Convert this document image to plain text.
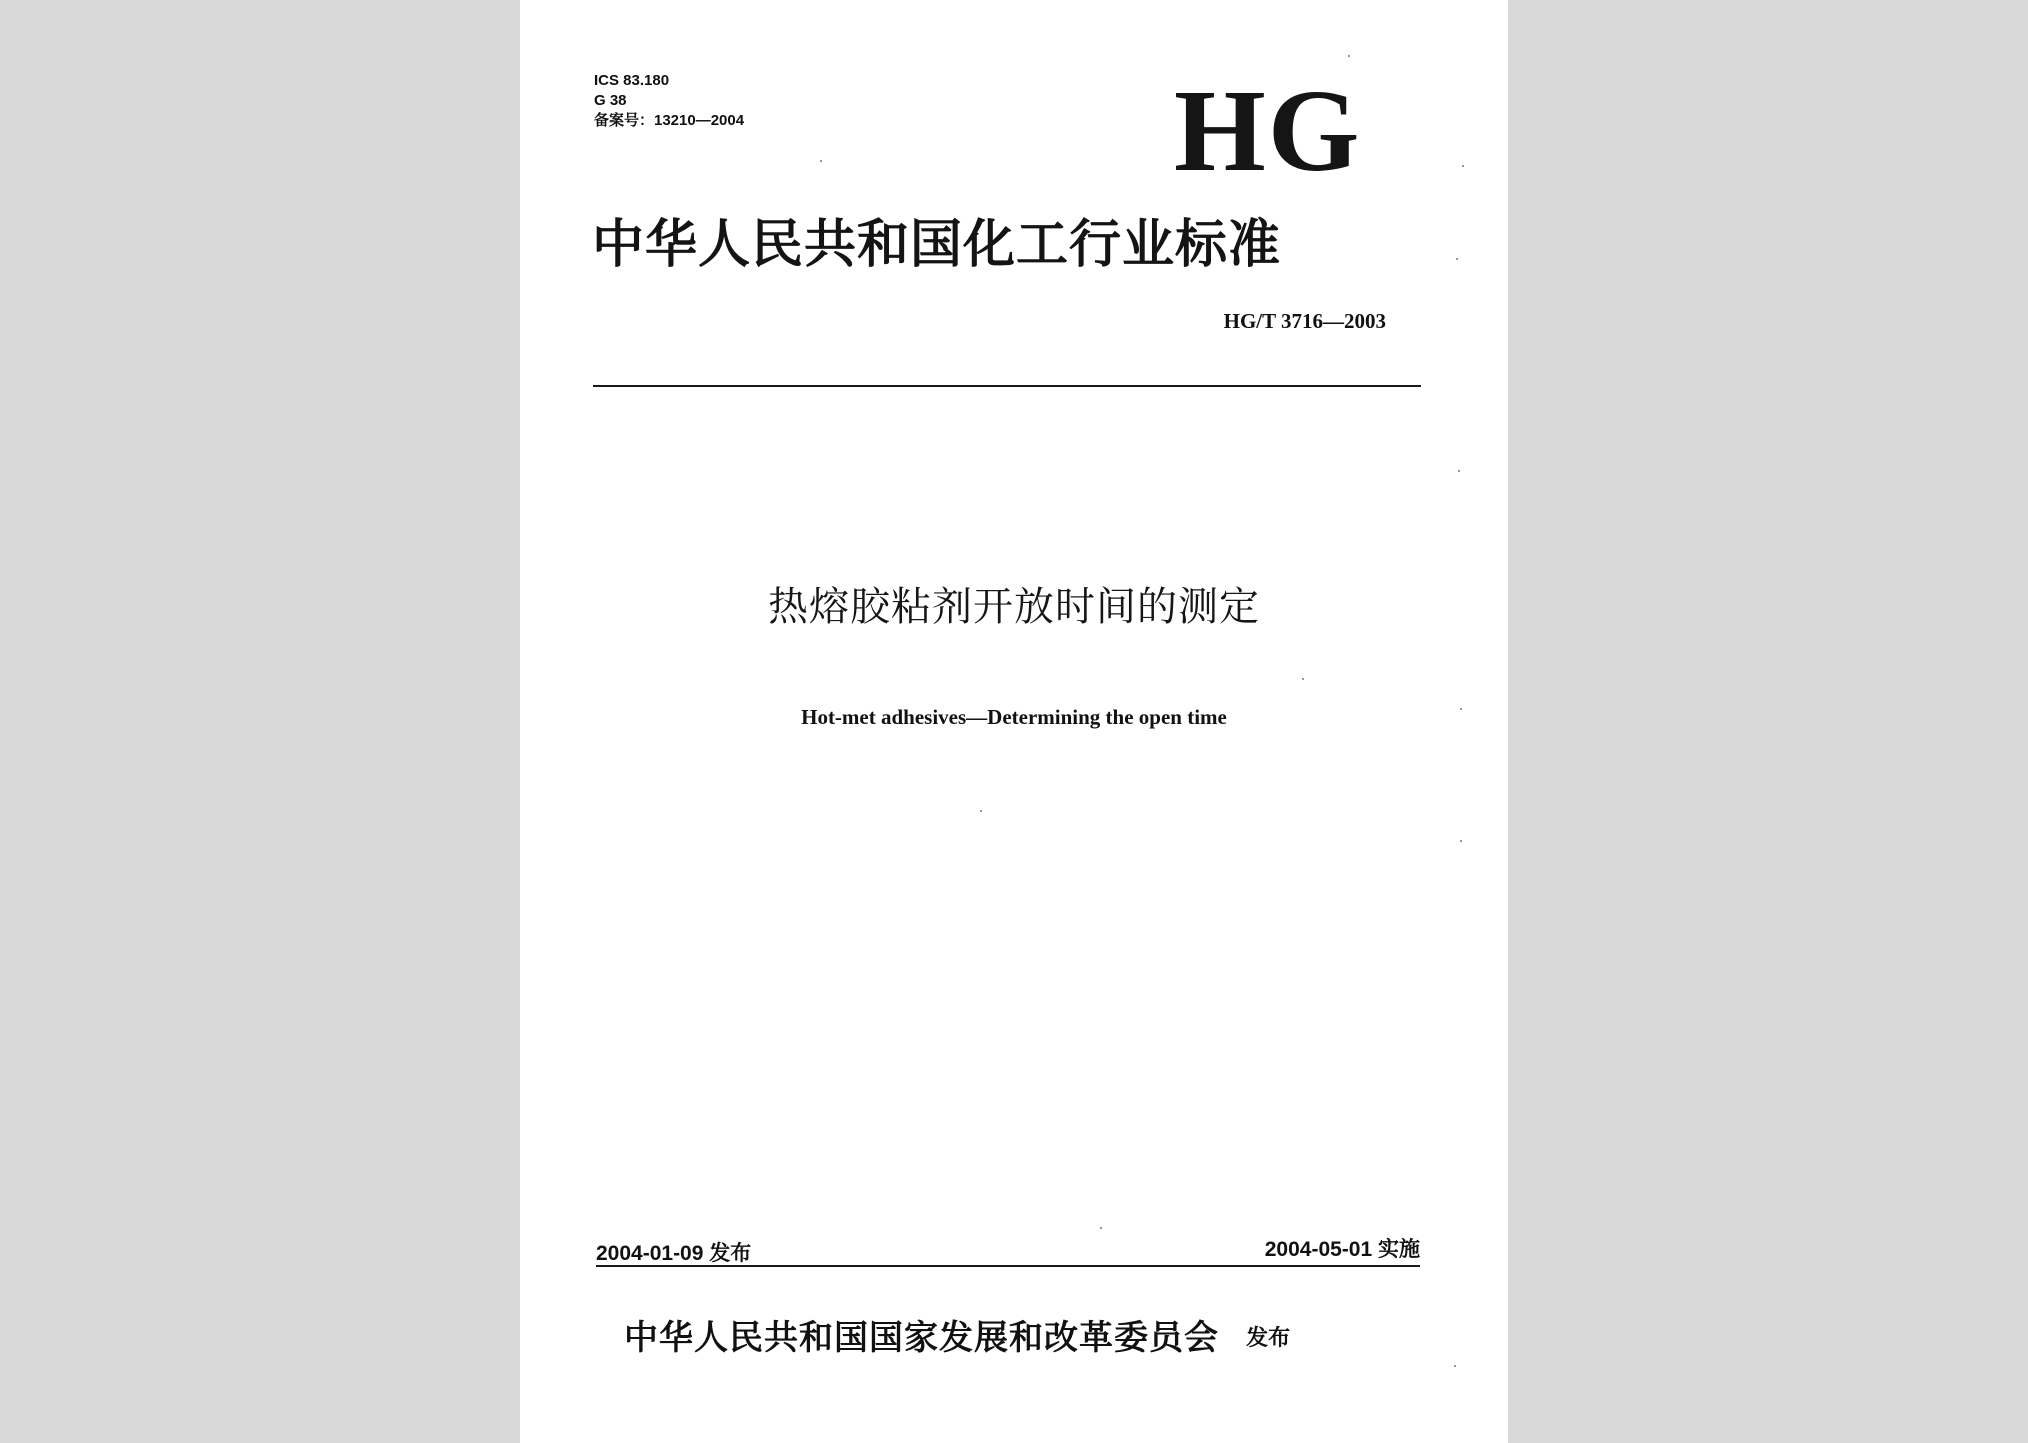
ICS 83.180
G 38
备案号：13210—2004	HG
中华人民共和国化工行业标准
HG/T 3716—2003
热熔胶粘剂开放时间的测定
Hot-met adhesives—Determining the open time
2004-01-09 发布	2004-05-01 实施
中华人民共和国国家发展和改革委员会 发布
